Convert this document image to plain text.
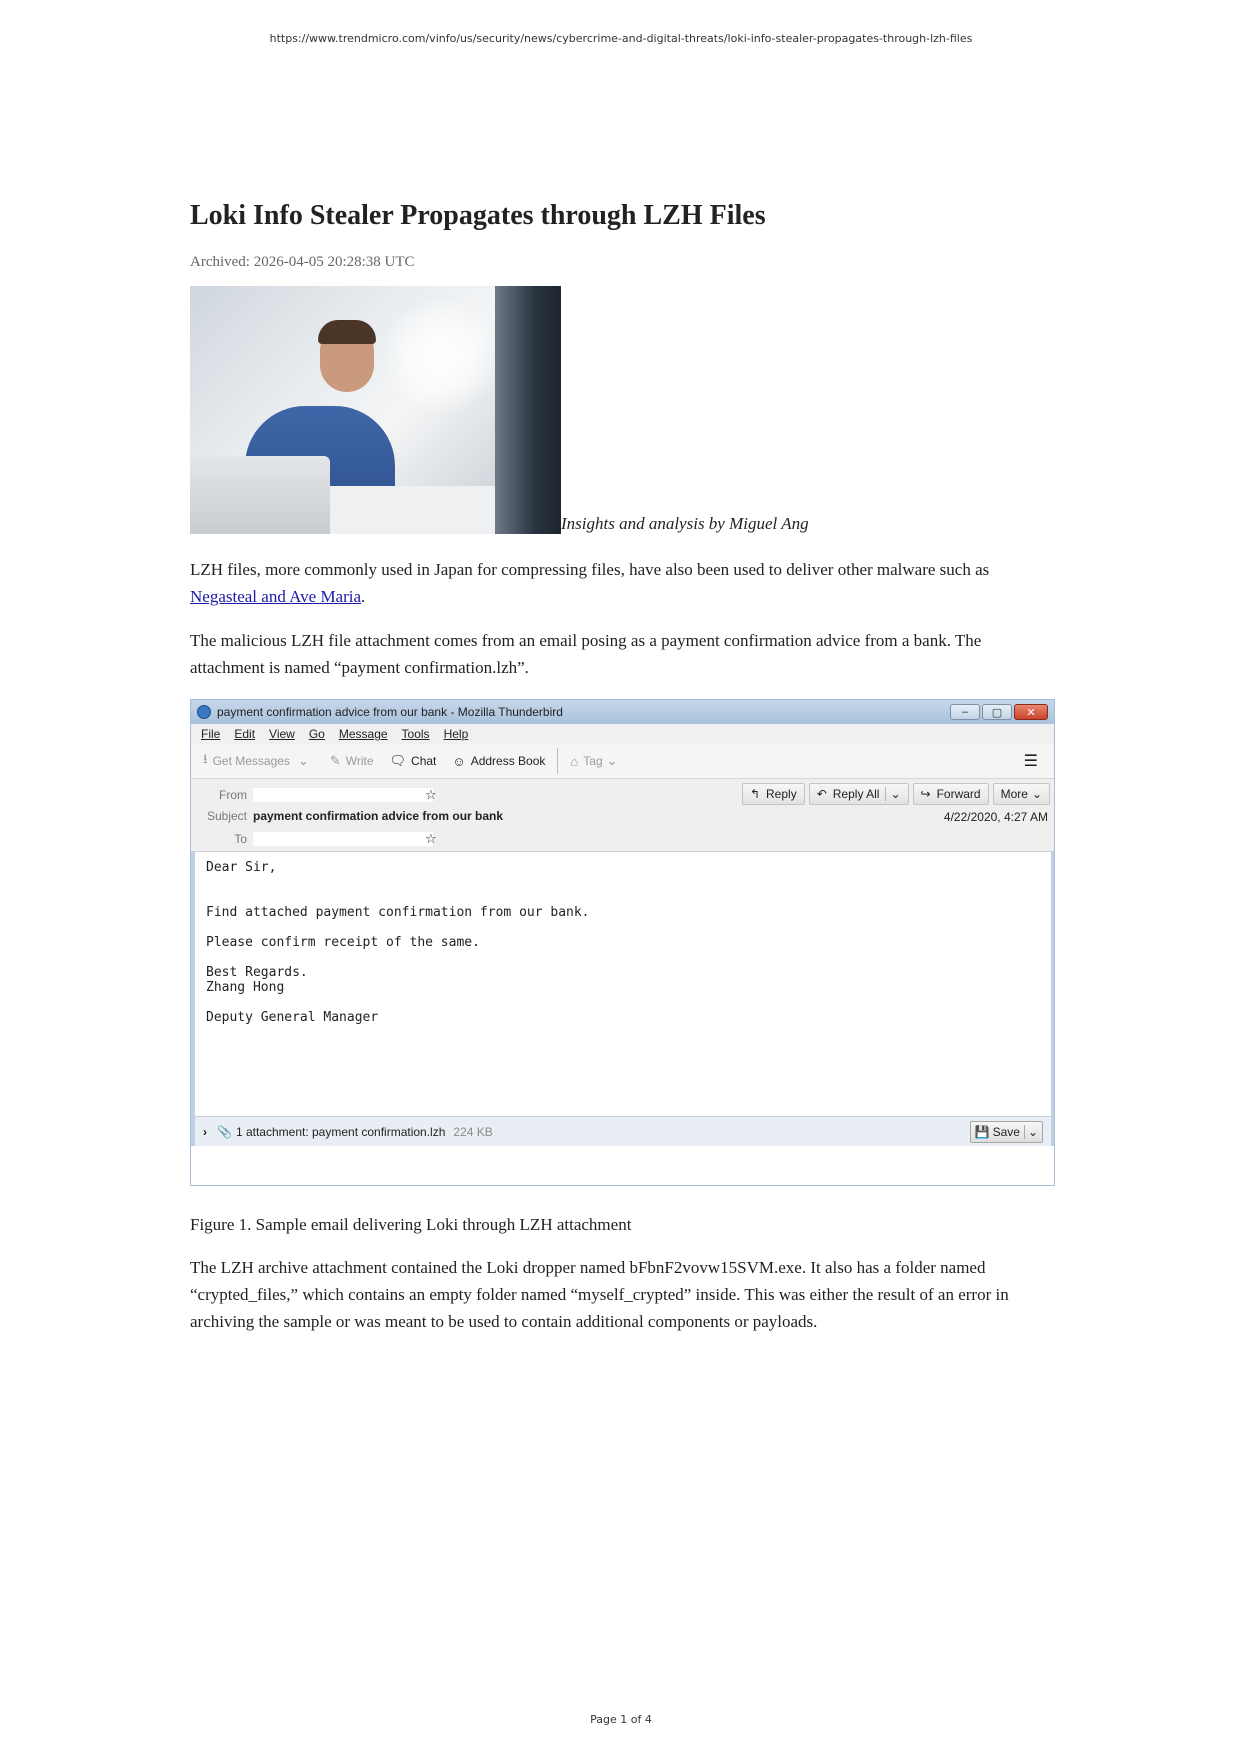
https://www.trendmicro.com/vinfo/us/security/news/cybercrime-and-digital-threats/loki-info-stealer-propagates-through-lzh-files
Loki Info Stealer Propagates through LZH Files
Archived: 2026-04-05 20:28:38 UTC
Insights and analysis by Miguel Ang

LZH files, more commonly used in Japan for compressing files, have also been used to deliver other malware such as Negasteal and Ave Maria.

The malicious LZH file attachment comes from an email posing as a payment confirmation advice from a bank. The attachment is named “payment confirmation.lzh”.

payment confirmation advice from our bank - Mozilla Thunderbird	–	▢	✕
File Edit View Go Message Tools Help
⭳ Get Messages ⌄ ✎ Write 🗨 Chat ☺ Address Book ⌂ Tag ⌄	☰
From	☆
Subject payment confirmation advice from our bank
To	☆
↰ Reply ↶ Reply All ⌄ ↪ Forward More ⌄
4/22/2020, 4:27 AM
Dear Sir,
Find attached payment confirmation from our bank.
Please confirm receipt of the same.
Best Regards.
Zhang Hong
Deputy General Manager
› 📎 1 attachment: payment confirmation.lzh 224 KB	💾 Save ⌄
Figure 1. Sample email delivering Loki through LZH attachment

The LZH archive attachment contained the Loki dropper named bFbnF2vovw15SVM.exe. It also has a folder named “crypted_files,” which contains an empty folder named “myself_crypted” inside. This was either the result of an error in archiving the sample or was meant to be used to contain additional components or payloads.

Page 1 of 4
